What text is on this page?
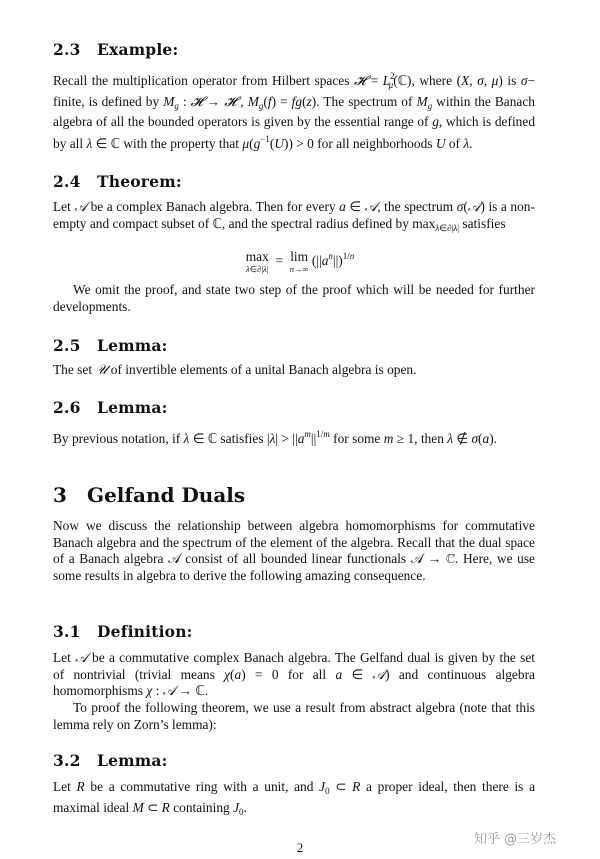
2.3 Example:

Recall the multiplication operator from Hilbert spaces 𝓗 = $L^2_\mu(ℂ)$, where (X, σ, μ) is σ− finite, is defined by $M_g$ : 𝓗 → 𝓗 , $M_g(f) = fg(z)$. The spectrum of $M_g$ within the Banach algebra of all the bounded operators is given by the essential range of g, which is defined by all λ ∈ ℂ with the property that $\mu(g^{-1}(U)) > 0$ for all neighborhoods U of λ.

2.4 Theorem:

Let 𝒜 be a complex Banach algebra. Then for every a ∈ 𝒜, the spectrum σ(𝒜) is a non-empty and compact subset of ℂ, and the spectral radius defined by $\max_{\lambda\in\partial|\lambda|}$ satisfies

max
λ∈∂|λ|
=  lim
n→∞
$(||a^n||)^{1/n}$

We omit the proof, and state two step of the proof which will be needed for further developments.

2.5 Lemma:

The set 𝒰 of invertible elements of a unital Banach algebra is open.

2.6 Lemma:

By previous notation, if λ ∈ ℂ satisfies $|\lambda| > ||a^m||^{1/m}$ for some m ≥ 1, then λ ∉ σ(a).

3 Gelfand Duals

Now we discuss the relationship between algebra homomorphisms for commutative Banach algebra and the spectrum of the element of the algebra. Recall that the dual space of a Banach algebra 𝒜 consist of all bounded linear functionals 𝒜 → ℂ. Here, we use some results in algebra to derive the following amazing consequence.

3.1 Definition:

Let 𝒜 be a commutative complex Banach algebra. The Gelfand dual is given by the set of nontrivial (trivial means χ(a) = 0 for all a ∈ 𝒜) and continuous algebra homomorphisms χ : 𝒜 → ℂ.

To proof the following theorem, we use a result from abstract algebra (note that this lemma rely on Zorn’s lemma):

3.2 Lemma:

Let R be a commutative ring with a unit, and $J_0$ ⊂ R a proper ideal, then there is a maximal ideal M ⊂ R containing $J_0$.

2
知乎 @三岁杰
